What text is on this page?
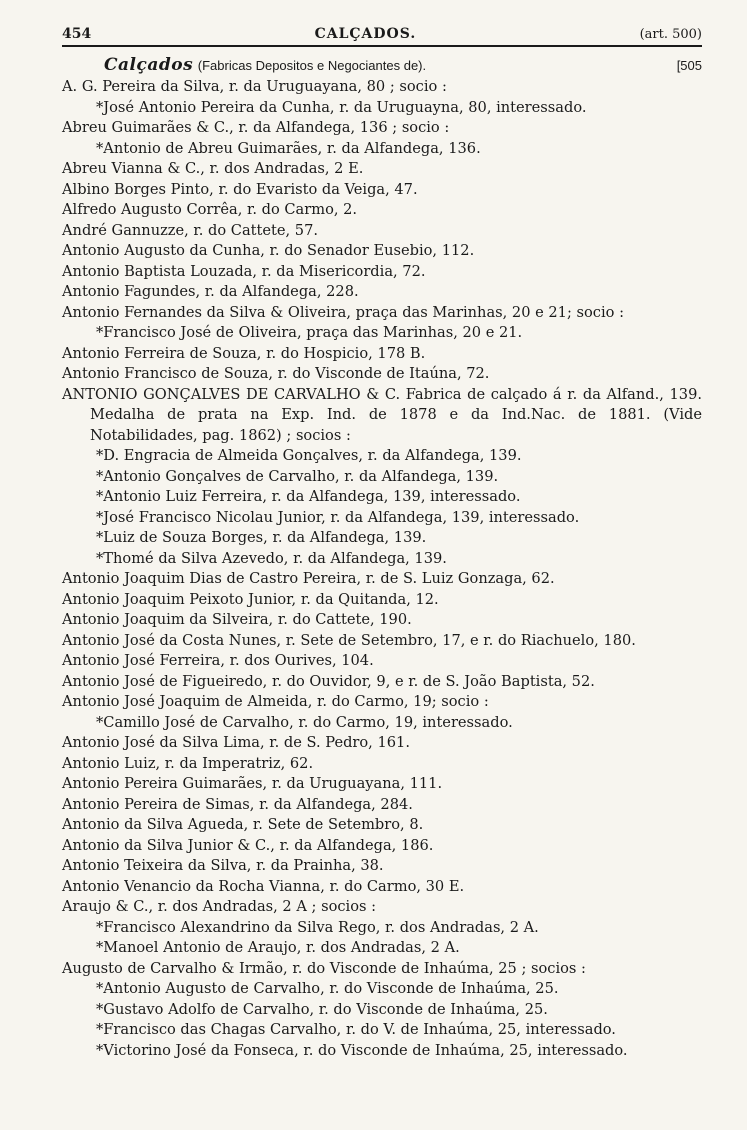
454	CALÇADOS.	(art. 500)
Calçados (Fabricas Depositos e Negociantes de).	[505
A. G. Pereira da Silva, r. da Uruguayana, 80 ; socio :
*José Antonio Pereira da Cunha, r. da Uruguayna, 80, interessado.
Abreu Guimarães & C., r. da Alfandega, 136 ; socio :
*Antonio de Abreu Guimarães, r. da Alfandega, 136.
Abreu Vianna & C., r. dos Andradas, 2 E.
Albino Borges Pinto, r. do Evaristo da Veiga, 47.
Alfredo Augusto Corrêa, r. do Carmo, 2.
André Gannuzze, r. do Cattete, 57.
Antonio Augusto da Cunha, r. do Senador Eusebio, 112.
Antonio Baptista Louzada, r. da Misericordia, 72.
Antonio Fagundes, r. da Alfandega, 228.
Antonio Fernandes da Silva & Oliveira, praça das Marinhas, 20 e 21; socio :
*Francisco José de Oliveira, praça das Marinhas, 20 e 21.
Antonio Ferreira de Souza, r. do Hospicio, 178 B.
Antonio Francisco de Souza, r. do Visconde de Itaúna, 72.
ANTONIO GONÇALVES DE CARVALHO & C. Fabrica de calçado á r. da Alfand., 139. Medalha de prata na Exp. Ind. de 1878 e da Ind.Nac. de 1881. (Vide Notabilidades, pag. 1862) ; socios :
*D. Engracia de Almeida Gonçalves, r. da Alfandega, 139.
*Antonio Gonçalves de Carvalho, r. da Alfandega, 139.
*Antonio Luiz Ferreira, r. da Alfandega, 139, interessado.
*José Francisco Nicolau Junior, r. da Alfandega, 139, interessado.
*Luiz de Souza Borges, r. da Alfandega, 139.
*Thomé da Silva Azevedo, r. da Alfandega, 139.
Antonio Joaquim Dias de Castro Pereira, r. de S. Luiz Gonzaga, 62.
Antonio Joaquim Peixoto Junior, r. da Quitanda, 12.
Antonio Joaquim da Silveira, r. do Cattete, 190.
Antonio José da Costa Nunes, r. Sete de Setembro, 17, e r. do Riachuelo, 180.
Antonio José Ferreira, r. dos Ourives, 104.
Antonio José de Figueiredo, r. do Ouvidor, 9, e r. de S. João Baptista, 52.
Antonio José Joaquim de Almeida, r. do Carmo, 19; socio :
*Camillo José de Carvalho, r. do Carmo, 19, interessado.
Antonio José da Silva Lima, r. de S. Pedro, 161.
Antonio Luiz, r. da Imperatriz, 62.
Antonio Pereira Guimarães, r. da Uruguayana, 111.
Antonio Pereira de Simas, r. da Alfandega, 284.
Antonio da Silva Agueda, r. Sete de Setembro, 8.
Antonio da Silva Junior & C., r. da Alfandega, 186.
Antonio Teixeira da Silva, r. da Prainha, 38.
Antonio Venancio da Rocha Vianna, r. do Carmo, 30 E.
Araujo & C., r. dos Andradas, 2 A ; socios :
*Francisco Alexandrino da Silva Rego, r. dos Andradas, 2 A.
*Manoel Antonio de Araujo, r. dos Andradas, 2 A.
Augusto de Carvalho & Irmão, r. do Visconde de Inhaúma, 25 ; socios :
*Antonio Augusto de Carvalho, r. do Visconde de Inhaúma, 25.
*Gustavo Adolfo de Carvalho, r. do Visconde de Inhaúma, 25.
*Francisco das Chagas Carvalho, r. do V. de Inhaúma, 25, interessado.
*Victorino José da Fonseca, r. do Visconde de Inhaúma, 25, interessado.
